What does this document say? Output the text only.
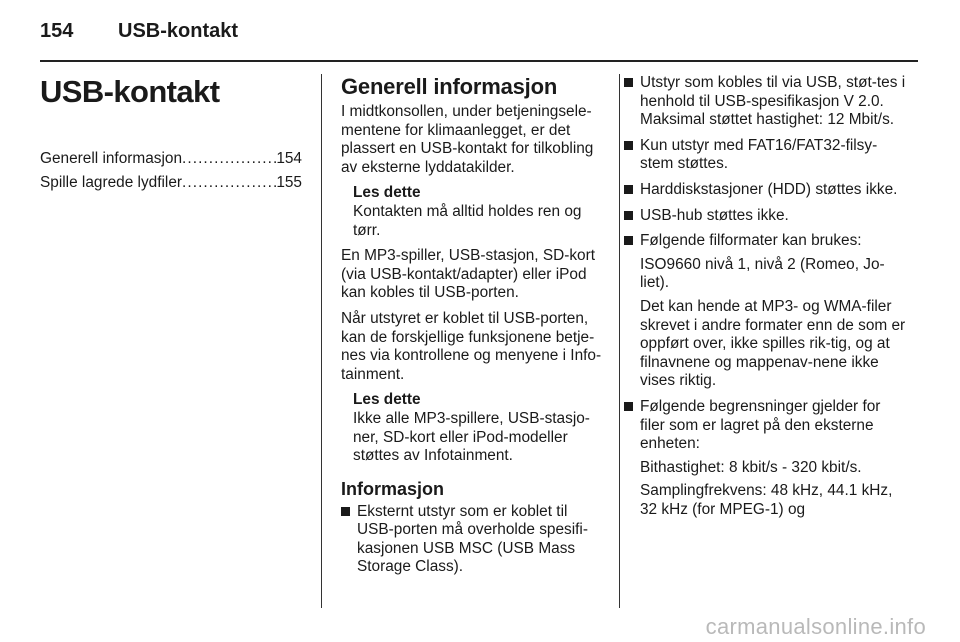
154 USB-kontakt
USB-kontakt
Generell informasjon . . .	154
Spille lagrede lydfiler . . .	155
Generell informasjon

I midtkonsollen, under betjeningsele-mentene for klimaanlegget, er det plassert en USB-kontakt for tilkobling av eksterne lyddatakilder.

Les dette
Kontakten må alltid holdes ren og tørr.

En MP3-spiller, USB-stasjon, SD-kort (via USB-kontakt/adapter) eller iPod kan kobles til USB-porten.

Når utstyret er koblet til USB-porten, kan de forskjellige funksjonene betje-nes via kontrollene og menyene i Info-tainment.

Les dette
Ikke alle MP3-spillere, USB-stasjo-ner, SD-kort eller iPod-modeller støttes av Infotainment.
Informasjon
Eksternt utstyr som er koblet til USB-porten må overholde spesifi-kasjonen USB MSC (USB Mass Storage Class).
Utstyr som kobles til via USB, støt-tes i henhold til USB-spesifikasjon V 2.0. Maksimal støttet hastighet: 12 Mbit/s.
Kun utstyr med FAT16/FAT32-filsy-stem støttes.
Harddiskstasjoner (HDD) støttes ikke.
USB-hub støttes ikke.
Følgende filformater kan brukes:

ISO9660 nivå 1, nivå 2 (Romeo, Jo-liet).

Det kan hende at MP3- og WMA-filer skrevet i andre formater enn de som er oppført over, ikke spilles rik-tig, og at filnavnene og mappenav-nene ikke vises riktig.

Følgende begrensninger gjelder for filer som er lagret på den eksterne enheten:

Bithastighet: 8 kbit/s - 320 kbit/s.

Samplingfrekvens: 48 kHz, 44.1 kHz, 32 kHz (for MPEG-1) og

carmanualsonline.info
